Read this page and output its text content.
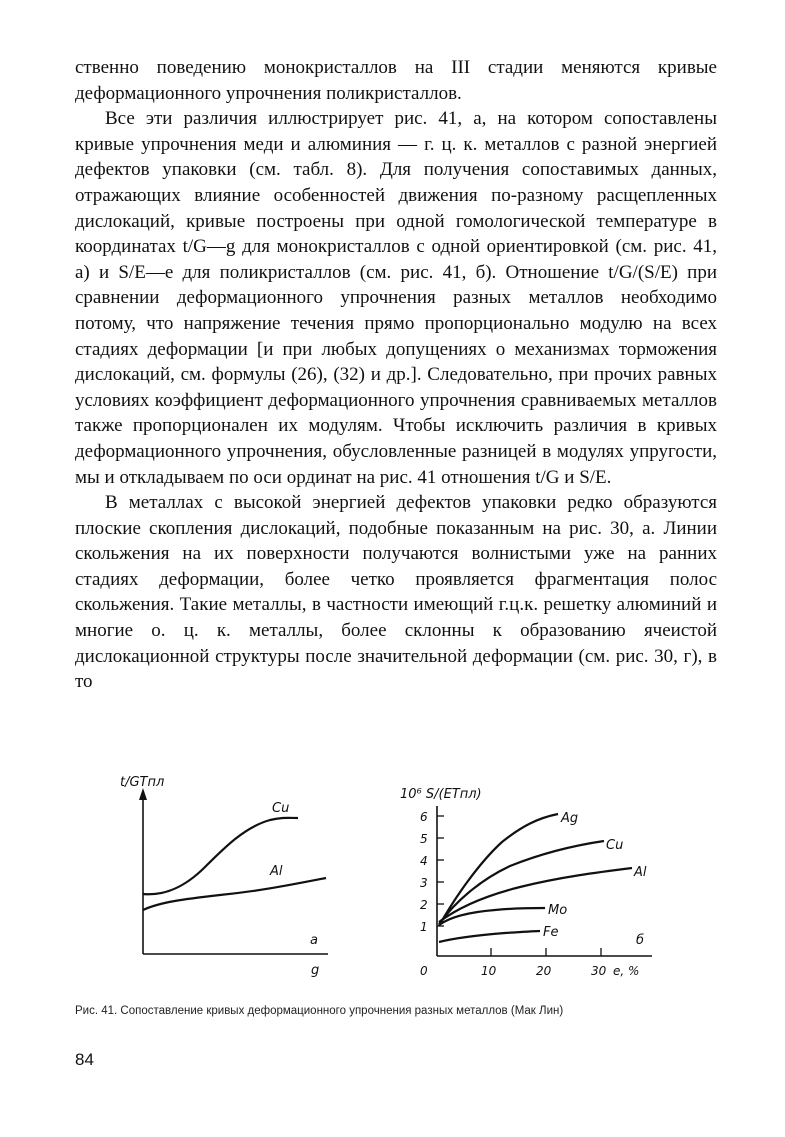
ственно поведению монокристаллов на III стадии меняются кривые деформационного упрочнения поликристаллов.

Все эти различия иллюстрирует рис. 41, а, на котором сопоставлены кривые упрочнения меди и алюминия — г. ц. к. металлов с разной энергией дефектов упаковки (см. табл. 8). Для получения сопоставимых данных, отражающих влияние особенностей движения по-разному расщепленных дислокаций, кривые построены при одной гомологической температуре в координатах t/G—g для монокристаллов с одной ориентировкой (см. рис. 41, а) и S/E—e для поликристаллов (см. рис. 41, б). Отношение t/G/(S/E) при сравнении деформационного упрочнения разных металлов необходимо потому, что напряжение течения прямо пропорционально модулю на всех стадиях деформации [и при любых допущениях о механизмах торможения дислокаций, см. формулы (26), (32) и др.]. Следовательно, при прочих равных условиях коэффициент деформационного упрочнения сравниваемых металлов также пропорционален их модулям. Чтобы исключить различия в кривых деформационного упрочнения, обусловленные разницей в модулях упругости, мы и откладываем по оси ординат на рис. 41 отношения t/G и S/E.

В металлах с высокой энергией дефектов упаковки редко образуются плоские скопления дислокаций, подобные показанным на рис. 30, а. Линии скольжения на их поверхности получаются волнистыми уже на ранних стадиях деформации, более четко проявляется фрагментация полос скольжения. Такие металлы, в частности имеющий г.ц.к. решетку алюминий и многие о. ц. к. металлы, более склонны к образованию ячеистой дислокационной структуры после значительной деформации (см. рис. 30, г), в то

t/GTпл
Cu
Al
а
g
10⁶ S/(ETпл)
6
5
4
3
2
1
0	10	20	30 e, %
Ag
Cu
Al
Mo
Fe
б
Рис. 41. Сопоставление кривых деформационного упрочнения разных металлов (Мак Лин)
84
